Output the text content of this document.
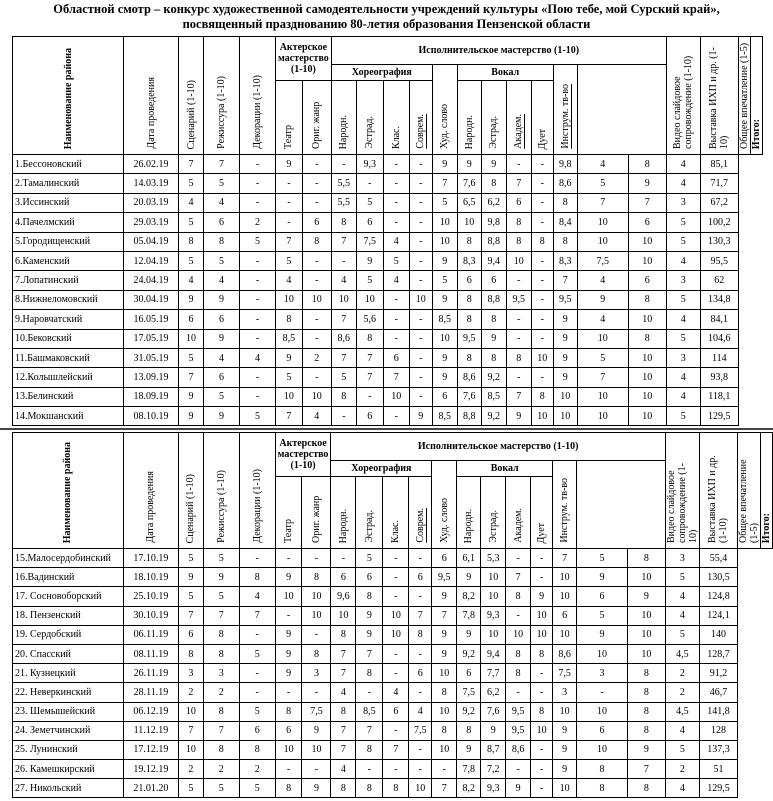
Областной смотр – конкурс художественной самодеятельности учреждений культуры «Пою тебе, мой Сурский край»,
посвященный празднованию 80-летия образования Пензенской области
Наименование района	Дата проведения	Сценарий (1-10)	Режиссура (1-10)	Декорации (1-10)	Актерское мастерство (1-10)		Исполнительское мастерство (1-10)												Видео слайдовое сопровождение (1-10)	Выставка ИХП и др. (1-10)	Общее впечатление (1-5)	Итого:
							Хореография				Худ. слово	Вокал				Инструм. тв-во						
					Театр	Ориг. жанр	Народн.	Эстрад.	Клас.	Соврем.		Народн.	Эстрад.	Академ.	Дует							
1.Бессоновский	26.02.19	7	7	-	9	-	-	9,3	-	-	9	9	9	-	-	9,8	4	8	4	85,1		
2.Тамалинский	14.03.19	5	5	-	-	-	5,5	-	-	-	7	7,6	8	7	-	8,6	5	9	4	71,7		
3.Иссинский	20.03.19	4	4	-	-	-	5,5	5	-	-	5	6,5	6,2	6	-	8	7	7	3	67,2		
4.Пачелмский	29.03.19	5	6	2	-	6	8	6	-	-	10	10	9,8	8	-	8,4	10	6	5	100,2		
5.Городищенский	05.04.19	8	8	5	7	8	7	7,5	4	-	10	8	8,8	8	8	8	10	10	5	130,3		
6.Каменский	12.04.19	5	5	-	5	-	-	9	5	-	9	8,3	9,4	10	-	8,3	7,5	10	4	95,5		
7.Лопатинский	24.04.19	4	4	-	4	-	4	5	4	-	5	6	6	-	-	7	4	6	3	62		
8.Нижнеломовский	30.04.19	9	9	-	10	10	10	10	-	10	9	8	8,8	9,5	-	9,5	9	8	5	134,8		
9.Наровчатский	16.05.19	6	6	-	8	-	7	5,6	-	-	8,5	8	8	-	-	9	4	10	4	84,1		
10.Бековский	17.05.19	10	9	-	8,5	-	8,6	8	-	-	10	9,5	9	-	-	9	10	8	5	104,6		
11.Башмаковский	31.05.19	5	4	4	9	2	7	7	6	-	9	8	8	8	10	9	5	10	3	114		
12.Колышлейский	13.09.19	7	6	-	5	-	5	7	7	-	9	8,6	9,2	-	-	9	7	10	4	93,8		
13.Белинский	18.09.19	9	5	-	10	10	8	-	10	-	6	7,6	8,5	7	8	10	10	10	4	118,1		
14.Мокшанский	08.10.19	9	9	5	7	4	-	6	-	9	8,5	8,8	9,2	9	10	10	10	10	5	129,5		
Наименование района	Дата проведения	Сценарий (1-10)	Режиссура (1-10)	Декорации (1-10)	Актерское мастерство (1-10)		Исполнительское мастерство (1-10)												Видео слайдовое сопровождение (1-10)	Выставка ИХП и др. (1-10)	Общее впечатление (1-5)	Итого:
							Хореография				Худ. слово	Вокал				Инструм. тв-во						
					Театр	Ориг. жанр	Народн.	Эстрад.	Клас.	Соврем.		Народн.	Эстрад.	Академ.	Дует							
15.Малосердобинский	17.10.19	5	5	-	-	-	-	5	-	-	6	6,1	5,3	-	-	7	5	8	3	55,4		
16.Вадинский	18.10.19	9	9	8	9	8	6	6	-	6	9,5	9	10	7	-	10	9	10	5	130,5		
17. Сосновоборский	25.10.19	5	5	4	10	10	9,6	8	-	-	9	8,2	10	8	9	10	6	9	4	124,8		
18. Пензенский	30.10.19	7	7	7	-	10	10	9	10	7	7	7,8	9,3	-	10	6	5	10	4	124,1		
19. Сердобский	06.11.19	6	8	-	9	-	8	9	10	8	9	9	10	10	10	10	9	10	5	140		
20. Спасский	08.11.19	8	8	5	9	8	7	7	-	-	9	9,2	9,4	8	8	8,6	10	10	4,5	128,7		
21. Кузнецкий	26.11.19	3	3	-	9	3	7	8	-	6	10	6	7,7	8	-	7,5	3	8	2	91,2		
22. Неверкинский	28.11.19	2	2	-	-	-	4	-	4	-	8	7,5	6,2	-	-	3	-	8	2	46,7		
23. Шемышейский	06.12.19	10	8	5	8	7,5	8	8,5	6	4	10	9,2	7,6	9,5	8	10	10	8	4,5	141,8		
24. Земетчинский	11.12.19	7	7	6	6	9	7	7	-	7,5	8	8	9	9,5	10	9	6	8	4	128		
25. Лунинский	17.12.19	10	8	8	10	10	7	8	7	-	10	9	8,7	8,6	-	9	10	9	5	137,3		
26. Камешкирский	19.12.19	2	2	2	-	-	4	-	-	-	-	7,8	7,2	-	-	9	8	7	2	51		
27. Никольский	21.01.20	5	5	5	8	9	8	8	8	10	7	8,2	9,3	9	-	10	8	8	4	129,5		
